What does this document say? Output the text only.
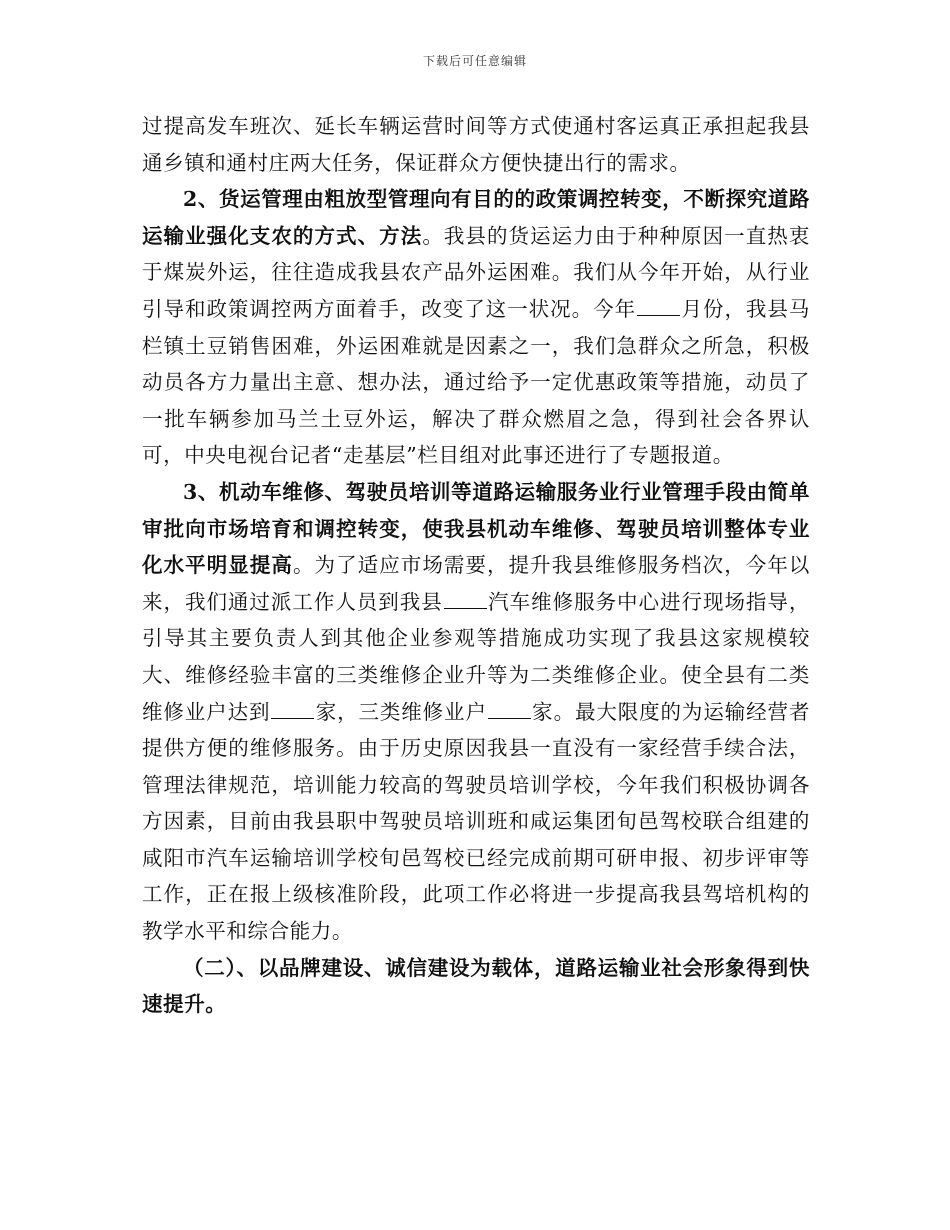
下载后可任意编辑

过提高发车班次、延长车辆运营时间等方式使通村客运真正承担起我县通乡镇和通村庄两大任务，保证群众方便快捷出行的需求。

2、货运管理由粗放型管理向有目的的政策调控转变，不断探究道路运输业强化支农的方式、方法。我县的货运运力由于种种原因一直热衷于煤炭外运，往往造成我县农产品外运困难。我们从今年开始，从行业引导和政策调控两方面着手，改变了这一状况。今年 月份，我县马栏镇土豆销售困难，外运困难就是因素之一，我们急群众之所急，积极动员各方力量出主意、想办法，通过给予一定优惠政策等措施，动员了一批车辆参加马兰土豆外运，解决了群众燃眉之急，得到社会各界认可，中央电视台记者“走基层”栏目组对此事还进行了专题报道。

3、机动车维修、驾驶员培训等道路运输服务业行业管理手段由简单审批向市场培育和调控转变，使我县机动车维修、驾驶员培训整体专业化水平明显提高。为了适应市场需要，提升我县维修服务档次，今年以来，我们通过派工作人员到我县 汽车维修服务中心进行现场指导，引导其主要负责人到其他企业参观等措施成功实现了我县这家规模较大、维修经验丰富的三类维修企业升等为二类维修企业。使全县有二类维修业户达到 家，三类维修业户 家。最大限度的为运输经营者提供方便的维修服务。由于历史原因我县一直没有一家经营手续合法，管理法律规范，培训能力较高的驾驶员培训学校，今年我们积极协调各方因素，目前由我县职中驾驶员培训班和咸运集团旬邑驾校联合组建的咸阳市汽车运输培训学校旬邑驾校已经完成前期可研申报、初步评审等工作，正在报上级核准阶段，此项工作必将进一步提高我县驾培机构的教学水平和综合能力。

（二）、以品牌建设、诚信建设为载体，道路运输业社会形象得到快速提升。
